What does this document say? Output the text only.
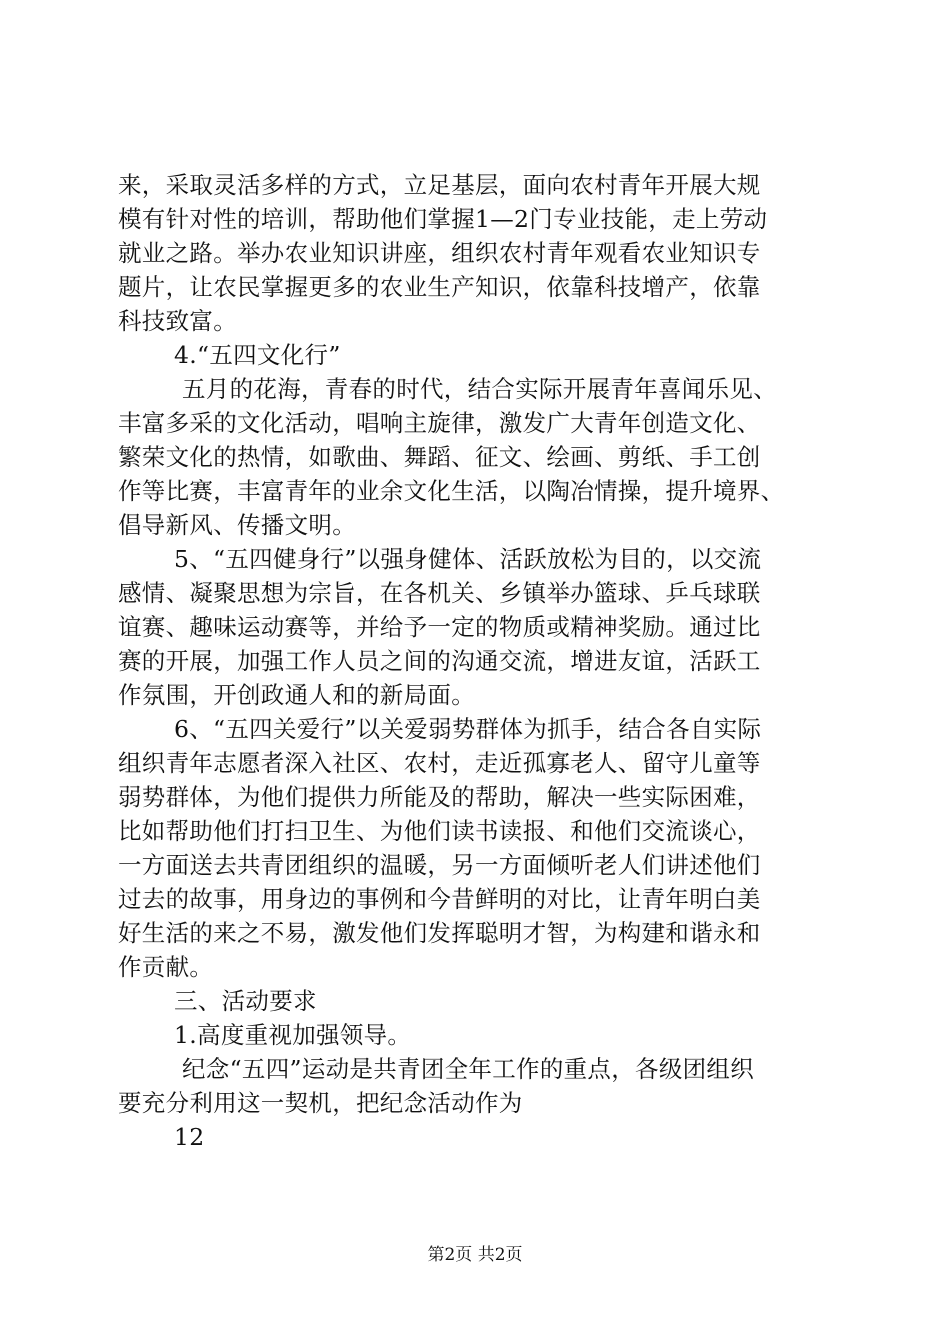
来，采取灵活多样的方式，立足基层，面向农村青年开展大规
模有针对性的培训，帮助他们掌握1—2门专业技能，走上劳动
就业之路。举办农业知识讲座，组织农村青年观看农业知识专
题片，让农民掌握更多的农业生产知识，依靠科技增产，依靠
科技致富。
4.“五四文化行”
五月的花海，青春的时代，结合实际开展青年喜闻乐见、
丰富多采的文化活动，唱响主旋律，激发广大青年创造文化、
繁荣文化的热情，如歌曲、舞蹈、征文、绘画、剪纸、手工创
作等比赛，丰富青年的业余文化生活，以陶冶情操，提升境界、
倡导新风、传播文明。
5、“五四健身行”以强身健体、活跃放松为目的，以交流
感情、凝聚思想为宗旨，在各机关、乡镇举办篮球、乒乓球联
谊赛、趣味运动赛等，并给予一定的物质或精神奖励。通过比
赛的开展，加强工作人员之间的沟通交流，增进友谊，活跃工
作氛围，开创政通人和的新局面。
6、“五四关爱行”以关爱弱势群体为抓手，结合各自实际
组织青年志愿者深入社区、农村，走近孤寡老人、留守儿童等
弱势群体，为他们提供力所能及的帮助，解决一些实际困难，
比如帮助他们打扫卫生、为他们读书读报、和他们交流谈心，
一方面送去共青团组织的温暖，另一方面倾听老人们讲述他们
过去的故事，用身边的事例和今昔鲜明的对比，让青年明白美
好生活的来之不易，激发他们发挥聪明才智，为构建和谐永和
作贡献。
三、活动要求
1.高度重视加强领导。
纪念“五四”运动是共青团全年工作的重点，各级团组织
要充分利用这一契机，把纪念活动作为
12
第2页 共2页
